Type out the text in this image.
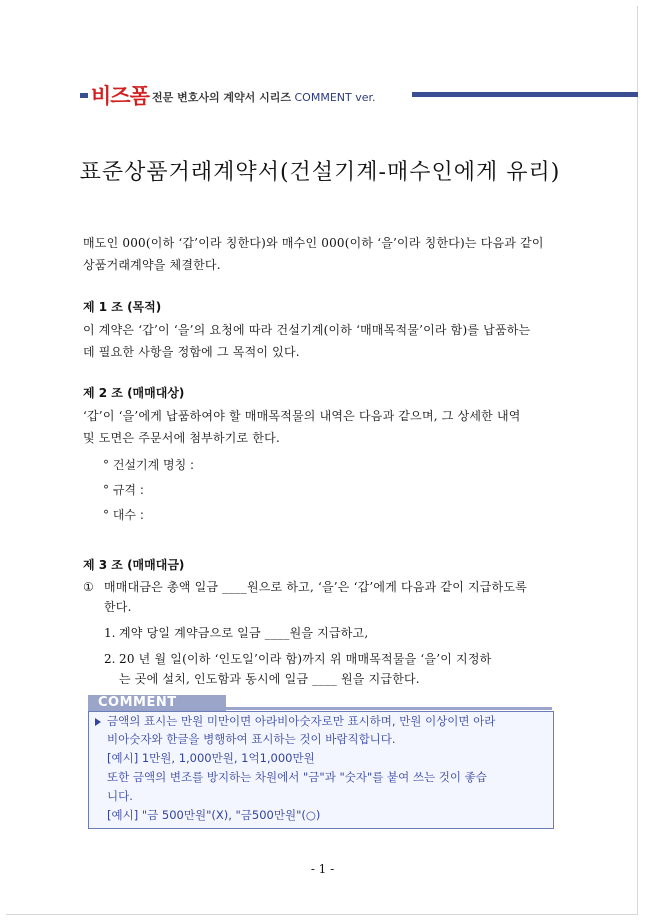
비즈폼 전문 변호사의 계약서 시리즈 COMMENT ver.
표준상품거래계약서(건설기계-매수인에게 유리)
매도인 000(이하 ‘갑’이라 칭한다)와 매수인 000(이하 ‘을’이라 칭한다)는 다음과 같이
상품거래계약을 체결한다.
제 1 조 (목적)
이 계약은 ‘갑’이 ‘을’의 요청에 따라 건설기계(이하 ‘매매목적물’이라 함)를 납품하는
데 필요한 사항을 정함에 그 목적이 있다.
제 2 조 (매매대상)
‘갑’이 ‘을’에게 납품하여야 할 매매목적물의 내역은 다음과 같으며, 그 상세한 내역
및 도면은 주문서에 첨부하기로 한다.
° 건설기계 명칭 :
° 규격 :
° 대수 :
제 3 조 (매매대금)
① 매매대금은 총액 일금 ____원으로 하고, ‘을’은 ‘갑’에게 다음과 같이 지급하도록
한다.
1. 계약 당일 계약금으로 일금 ____원을 지급하고,
2. 20 년 월 일(이하 ‘인도일’이라 함)까지 위 매매목적물을 ‘을’이 지정하
는 곳에 설치, 인도함과 동시에 일금 ____ 원을 지급한다.
COMMENT
금액의 표시는 만원 미만이면 아라비아숫자로만 표시하며, 만원 이상이면 아라
비아숫자와 한글을 병행하여 표시하는 것이 바람직합니다.
[예시] 1만원, 1,000만원, 1억1,000만원
또한 금액의 변조를 방지하는 차원에서 "금"과 "숫자"를 붙여 쓰는 것이 좋습
니다.
[예시] "금 500만원"(X), "금500만원"(○)
- 1 -
